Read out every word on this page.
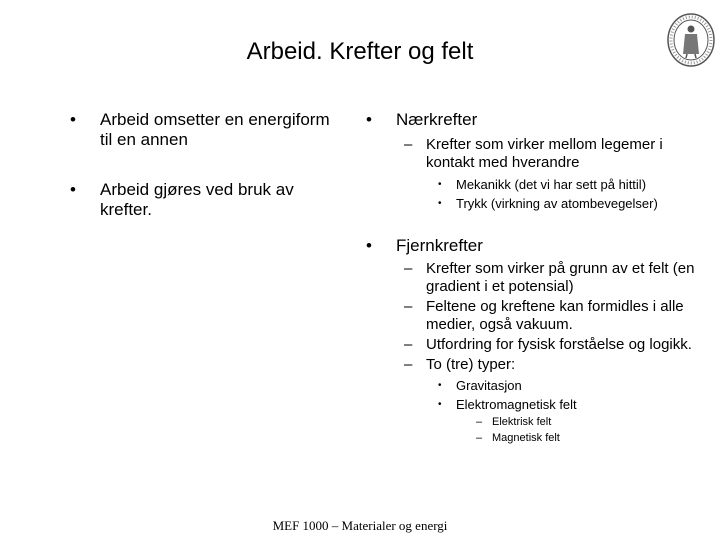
Arbeid. Krefter og felt
•	Arbeid omsetter en energiform til en annen
•	Arbeid gjøres ved bruk av krefter.
•	Nærkrefter
– Krefter som virker mellom legemer i kontakt med hverandre
• Mekanikk (det vi har sett på hittil)
• Trykk (virkning av atombevegelser)
•	Fjernkrefter
– Krefter som virker på grunn av et felt (en gradient i et potensial)
– Feltene og kreftene kan formidles i alle medier, også vakuum.
– Utfordring for fysisk forståelse og logikk.
– To (tre) typer:
• Gravitasjon
• Elektromagnetisk felt
– Elektrisk felt
– Magnetisk felt
MEF 1000 – Materialer og energi
